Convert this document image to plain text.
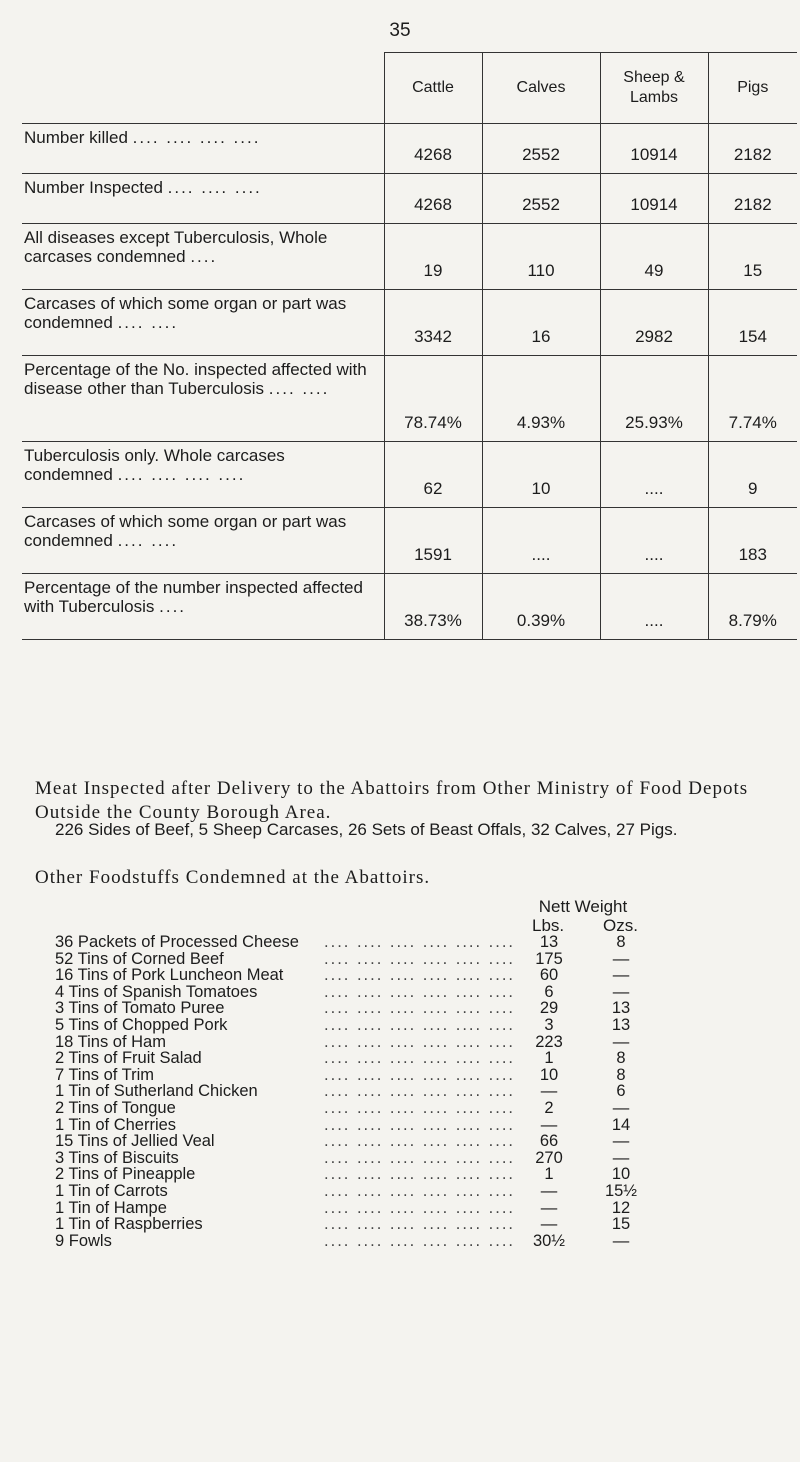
35
	Cattle	Calves	Sheep & Lambs	Pigs
Number killed .... .... .... ....	4268	2552	10914	2182
Number Inspected .... .... ....	4268	2552	10914	2182
All diseases except Tuberculosis, Whole carcases condemned ....	19	110	49	15
Carcases of which some organ or part was condemned .... ....	3342	16	2982	154
Percentage of the No. inspected affected with disease other than Tuberculosis .... ....	78.74%	4.93%	25.93%	7.74%
Tuberculosis only. Whole carcases condemned .... .... .... ....	62	10	....	9
Carcases of which some organ or part was condemned .... ....	1591	....	....	183
Percentage of the number inspected affected with Tuberculosis ....	38.73%	0.39%	....	8.79%
Meat Inspected after Delivery to the Abattoirs from Other Ministry of Food Depots Outside the County Borough Area.
226 Sides of Beef, 5 Sheep Carcases, 26 Sets of Beast Offals, 32 Calves, 27 Pigs.
Other Foodstuffs Condemned at the Abattoirs.
Nett Weight
Lbs. Ozs.
36 Packets of Processed Cheese	.... .... .... .... .... ....	13	8
52 Tins of Corned Beef	.... .... .... .... .... ....	175	—
16 Tins of Pork Luncheon Meat	.... .... .... .... .... ....	60	—
4 Tins of Spanish Tomatoes	.... .... .... .... .... ....	6	—
3 Tins of Tomato Puree	.... .... .... .... .... ....	29	13
5 Tins of Chopped Pork	.... .... .... .... .... ....	3	13
18 Tins of Ham	.... .... .... .... .... ....	223	—
2 Tins of Fruit Salad	.... .... .... .... .... ....	1	8
7 Tins of Trim	.... .... .... .... .... ....	10	8
1 Tin of Sutherland Chicken	.... .... .... .... .... ....	—	6
2 Tins of Tongue	.... .... .... .... .... ....	2	—
1 Tin of Cherries	.... .... .... .... .... ....	—	14
15 Tins of Jellied Veal	.... .... .... .... .... ....	66	—
3 Tins of Biscuits	.... .... .... .... .... ....	270	—
2 Tins of Pineapple	.... .... .... .... .... ....	1	10
1 Tin of Carrots	.... .... .... .... .... ....	—	15½
1 Tin of Hampe	.... .... .... .... .... ....	—	12
1 Tin of Raspberries	.... .... .... .... .... ....	—	15
9 Fowls	.... .... .... .... .... ....	30½	—
